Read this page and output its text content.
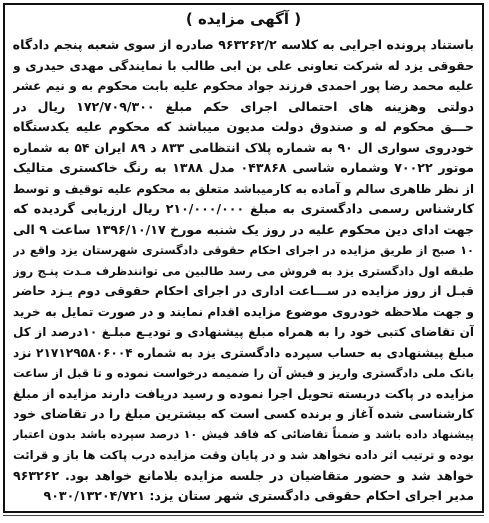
( آگهی مزایده )
باستناد پرونده اجرایی به کلاسه ۹۶۳۲۶۲/۲ صادره از سوی شعبه پنجم دادگاه
حقوقی یزد له شرکت تعاونی علی بن ابی طالب با نمایندگی مهدی حیدری و
علیه محمد رضا پور احمدی فرزند جواد محکوم علیه بابت محکوم به و نیم عشر
دولتی وهزینه های احتمالی اجرای حکم مبلغ ۱۷۲/۷۰۹/۳۰۰ ریال در
حـــق محکوم له و صندوق دولت مدیون میباشد که محکوم علیه یکدستگاه
خودروی سواری ال ۹۰ به شماره پلاک انتظامی ۸۳۳ د ۸۹ ایران ۵۴ به شماره
موتور ۷۰۰۲۲ وشماره شاسی ۰۴۳۸۶۸ مدل ۱۳۸۸ به رنگ خاکستری متالیک
از نظر ظاهری سالم و آماده به کارمیباشد متعلق به محکوم علیه توقیف و توسط
کارشناس رسمی دادگستری به مبلغ ۲۱۰/۰۰۰/۰۰۰ ریال ارزیابی گردیده که
جهت ادای دین محکوم علیه در روز یک شنبه مورخ ۱۳۹۶/۱۰/۱۷ ساعت ۹ الی
۱۰ صبح از طریق مزایده در اجرای احکام حقوقی دادگستری شهرستان یزد واقع در
طبقه اول دادگستری یزد به فروش می رسد طالبین می توانندظرف مـدت پنـج روز
قبـل از روز مزایده در ســـاعت اداری در اجرای احکام حقوقی دوم یـزد حاضر
و جهت ملاحظه خودروی موضوع مزایده اقدام نمایند و در صورت تمایل به خرید
آن تقاضای کتبی خود را به همراه مبلغ پیشنهادی و تودیـع مبلـغ ۱۰درصد از کل
مبلغ پیشنهادی به حساب سپرده دادگستری یزد به شماره ۲۱۷۱۲۹۵۸۰۶۰۰۴ نزد
بانک ملی دادگستری واریز و فیش آن را ضمیمه درخواست نموده و تا قبل از ساعت
مزایده در پاکت دربسته تحویل اجرا نموده و رسید دریافت دارند مزایده از مبلغ
کارشناسی شده آغاز و برنده کسی است که بیشترین مبلغ را در تقاضای خود
پیشنهاد داده باشد و ضمناً تقاضائی که فاقد فیش ۱۰ درصد سپرده باشد بدون اعتبار
بوده و ترتیب اثر داده نخواهد شد و در پایان وقت مزایده درب پاکت ها باز و قرائت
خواهد شد و حضور متقاضیان در جلسه مزایده بلامانع خواهد بود. ۹۶۳۲۶۲
مدیر اجرای احکام حقوقی دادگستری شهر ستان یزد: ۹۰۳۰/۱۳۲۰۴/۷۲۱
